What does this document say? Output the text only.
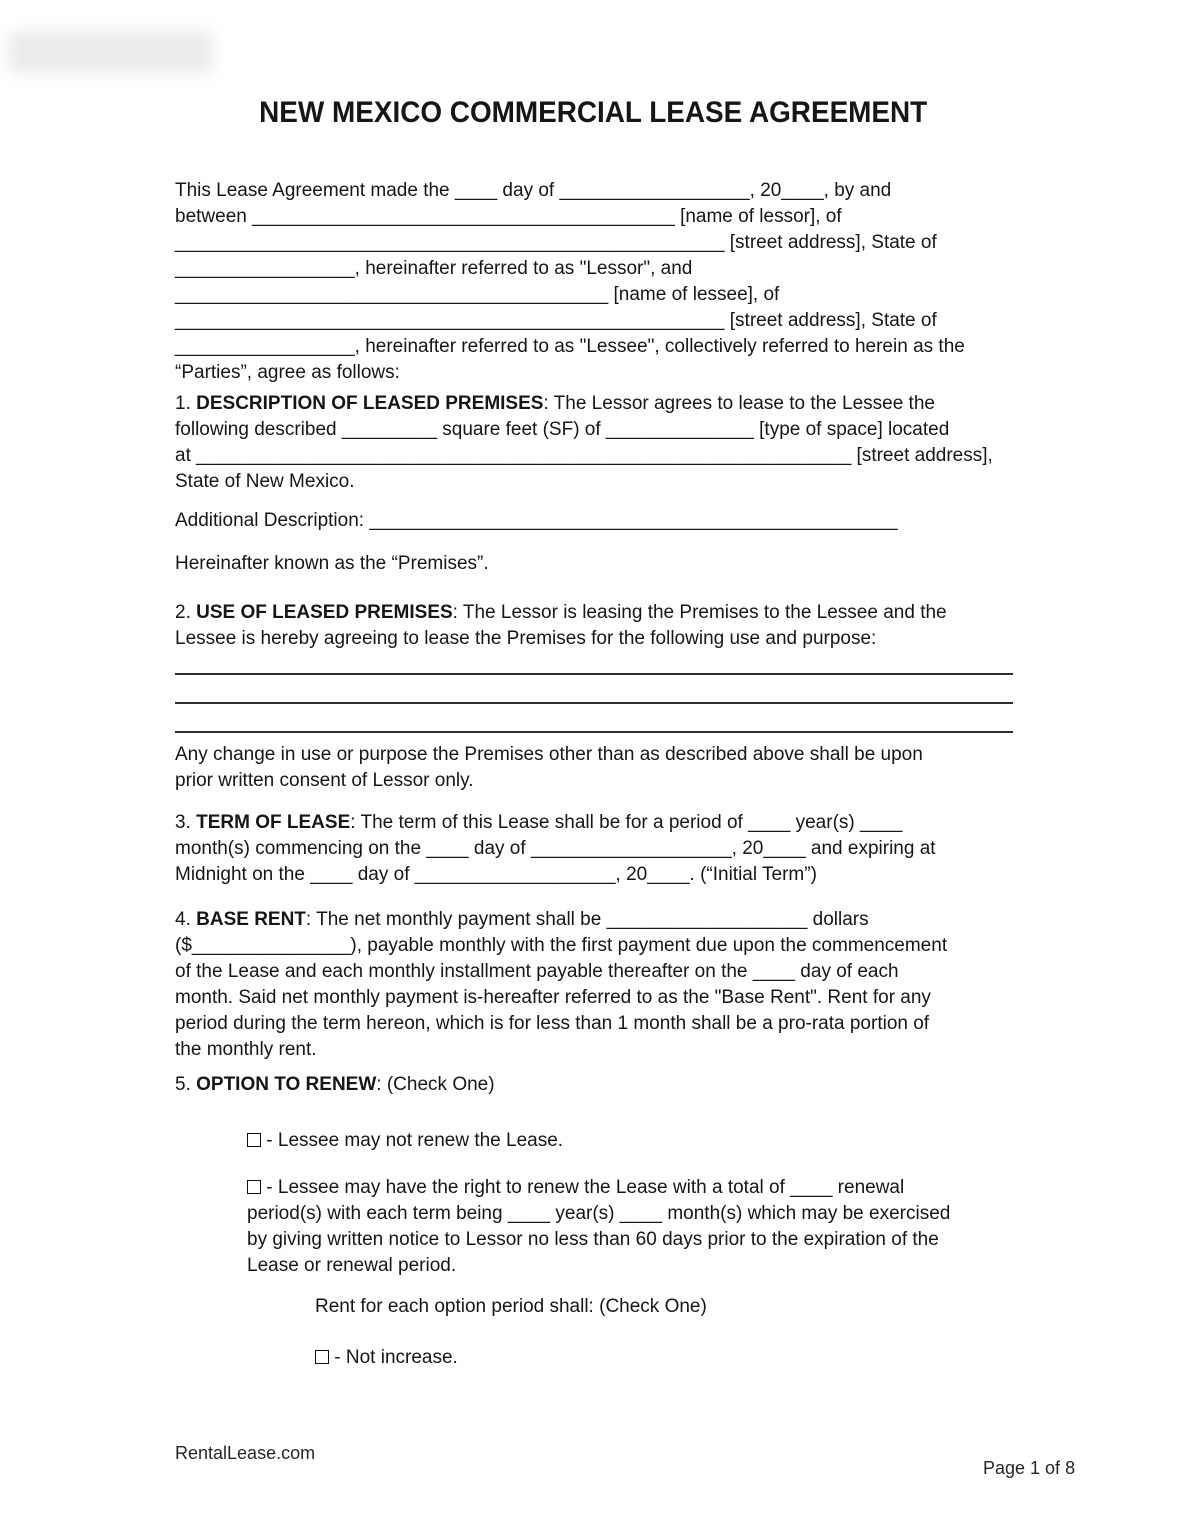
NEW MEXICO COMMERCIAL LEASE AGREEMENT
This Lease Agreement made the ____ day of __________________, 20____, by and
between ________________________________________ [name of lessor], of
____________________________________________________ [street address], State of
_________________, hereinafter referred to as "Lessor", and
_________________________________________ [name of lessee], of
____________________________________________________ [street address], State of
_________________, hereinafter referred to as "Lessee", collectively referred to herein as the
“Parties”, agree as follows:
1. DESCRIPTION OF LEASED PREMISES: The Lessor agrees to lease to the Lessee the
following described _________ square feet (SF) of ______________ [type of space] located
at ______________________________________________________________ [street address],
State of New Mexico.
Additional Description: __________________________________________________
Hereinafter known as the “Premises”.
2. USE OF LEASED PREMISES: The Lessor is leasing the Premises to the Lessee and the
Lessee is hereby agreeing to lease the Premises for the following use and purpose:
Any change in use or purpose the Premises other than as described above shall be upon
prior written consent of Lessor only.
3. TERM OF LEASE: The term of this Lease shall be for a period of ____ year(s) ____
month(s) commencing on the ____ day of ___________________, 20____ and expiring at
Midnight on the ____ day of ___________________, 20____. (“Initial Term”)
4. BASE RENT: The net monthly payment shall be ___________________ dollars
($_______________), payable monthly with the first payment due upon the commencement
of the Lease and each monthly installment payable thereafter on the ____ day of each
month. Said net monthly payment is-hereafter referred to as the "Base Rent". Rent for any
period during the term hereon, which is for less than 1 month shall be a pro-rata portion of
the monthly rent.
5. OPTION TO RENEW: (Check One)
- Lessee may not renew the Lease.
- Lessee may have the right to renew the Lease with a total of ____ renewal
period(s) with each term being ____ year(s) ____ month(s) which may be exercised
by giving written notice to Lessor no less than 60 days prior to the expiration of the
Lease or renewal period.
Rent for each option period shall: (Check One)
- Not increase.
RentalLease.com
Page 1 of 8
